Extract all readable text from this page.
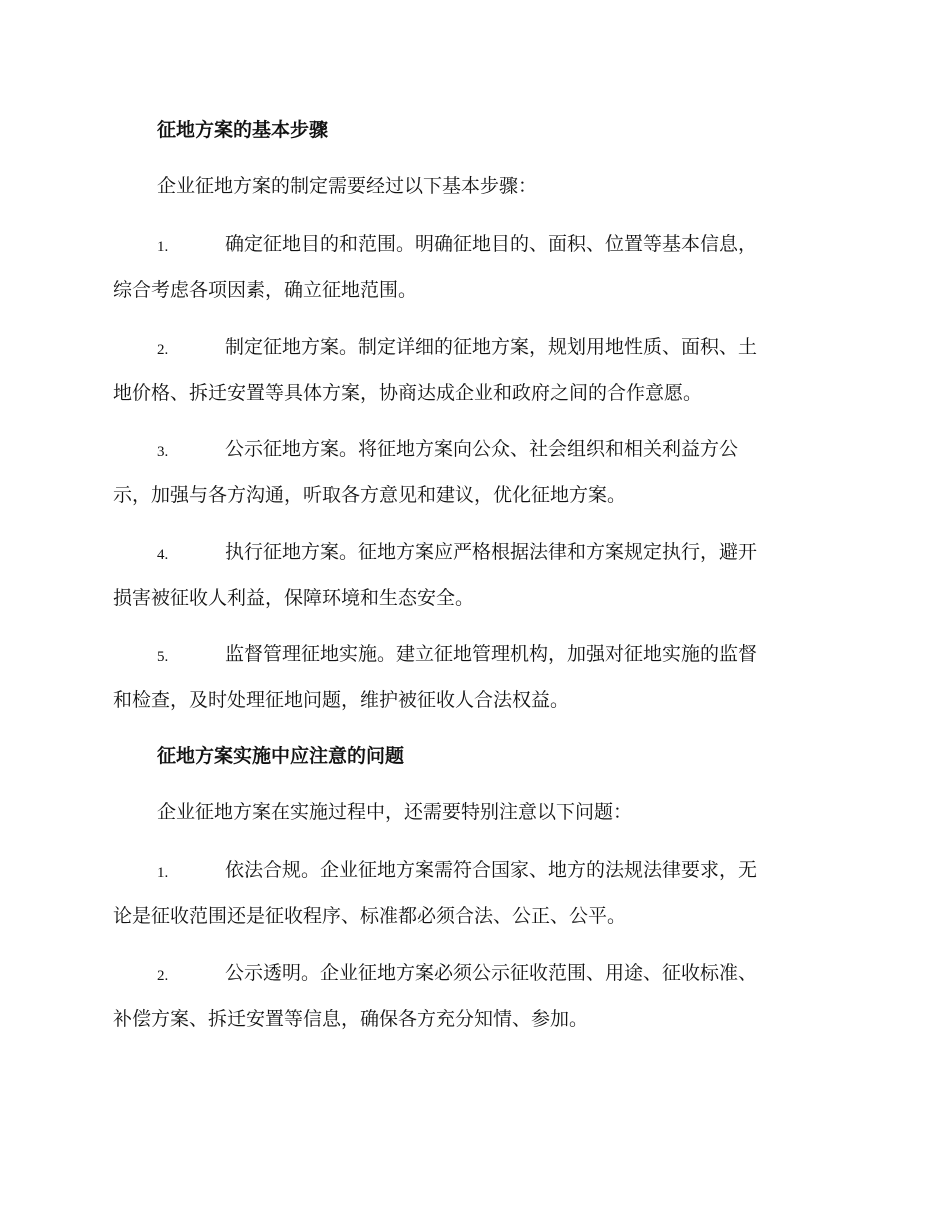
征地方案的基本步骤
企业征地方案的制定需要经过以下基本步骤：
1.	确定征地目的和范围。明确征地目的、面积、位置等基本信息，
综合考虑各项因素，确立征地范围。
2.	制定征地方案。制定详细的征地方案，规划用地性质、面积、土
地价格、拆迁安置等具体方案，协商达成企业和政府之间的合作意愿。
3.	公示征地方案。将征地方案向公众、社会组织和相关利益方公
示，加强与各方沟通，听取各方意见和建议，优化征地方案。
4.	执行征地方案。征地方案应严格根据法律和方案规定执行，避开
损害被征收人利益，保障环境和生态安全。
5.	监督管理征地实施。建立征地管理机构，加强对征地实施的监督
和检查，及时处理征地问题，维护被征收人合法权益。
征地方案实施中应注意的问题
企业征地方案在实施过程中，还需要特别注意以下问题：
1.	依法合规。企业征地方案需符合国家、地方的法规法律要求，无
论是征收范围还是征收程序、标准都必须合法、公正、公平。
2.	公示透明。企业征地方案必须公示征收范围、用途、征收标准、
补偿方案、拆迁安置等信息，确保各方充分知情、参加。
